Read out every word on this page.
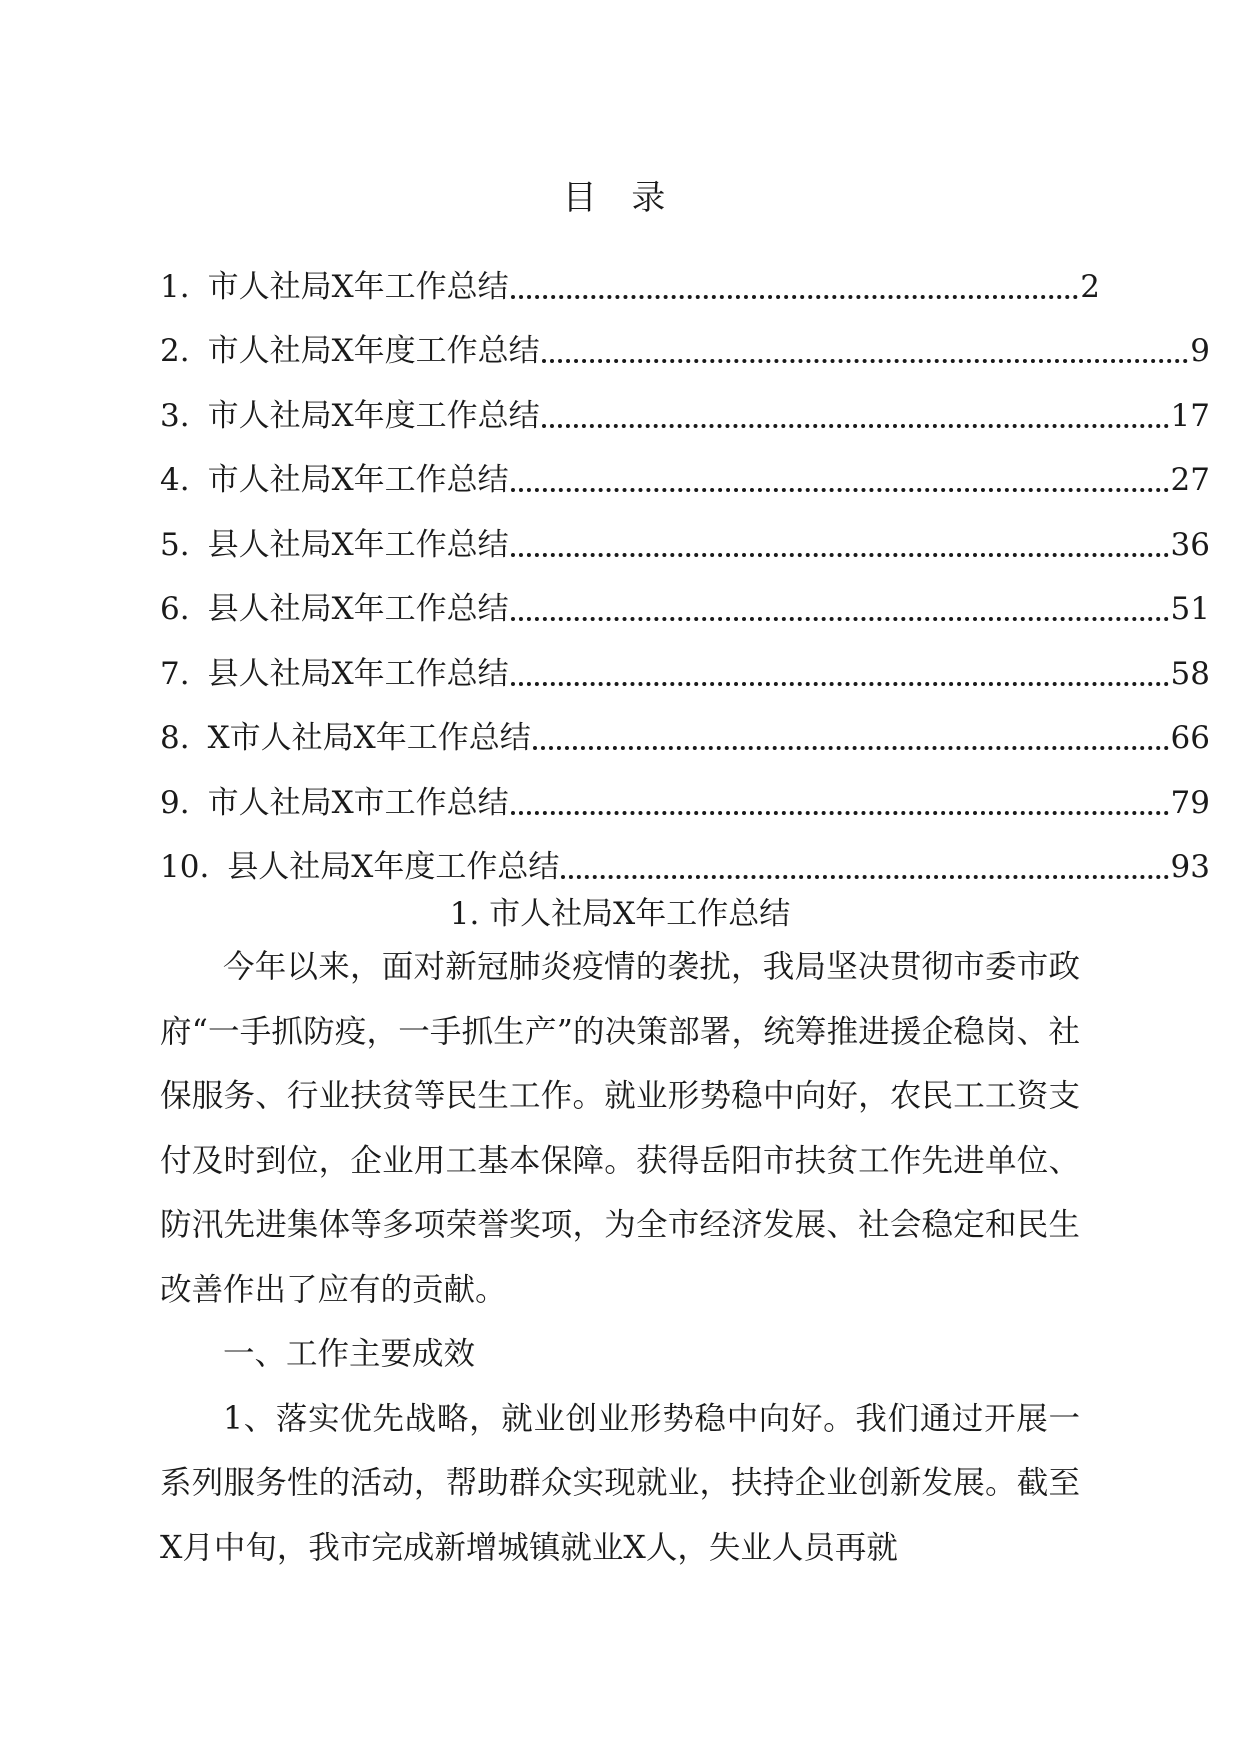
目 录
1. 市人社局X年工作总结	2
2. 市人社局X年度工作总结	9
3. 市人社局X年度工作总结	17
4. 市人社局X年工作总结	27
5. 县人社局X年工作总结	36
6. 县人社局X年工作总结	51
7. 县人社局X年工作总结	58
8. X市人社局X年工作总结	66
9. 市人社局X市工作总结	79
10. 县人社局X年度工作总结	93
1. 市人社局X年工作总结

今年以来，面对新冠肺炎疫情的袭扰，我局坚决贯彻市委市政府“一手抓防疫，一手抓生产”的决策部署，统筹推进援企稳岗、社保服务、行业扶贫等民生工作。就业形势稳中向好，农民工工资支付及时到位，企业用工基本保障。获得岳阳市扶贫工作先进单位、防汛先进集体等多项荣誉奖项，为全市经济发展、社会稳定和民生改善作出了应有的贡献。

一、工作主要成效

1、落实优先战略，就业创业形势稳中向好。我们通过开展一系列服务性的活动，帮助群众实现就业，扶持企业创新发展。截至X月中旬，我市完成新增城镇就业X人，失业人员再就
